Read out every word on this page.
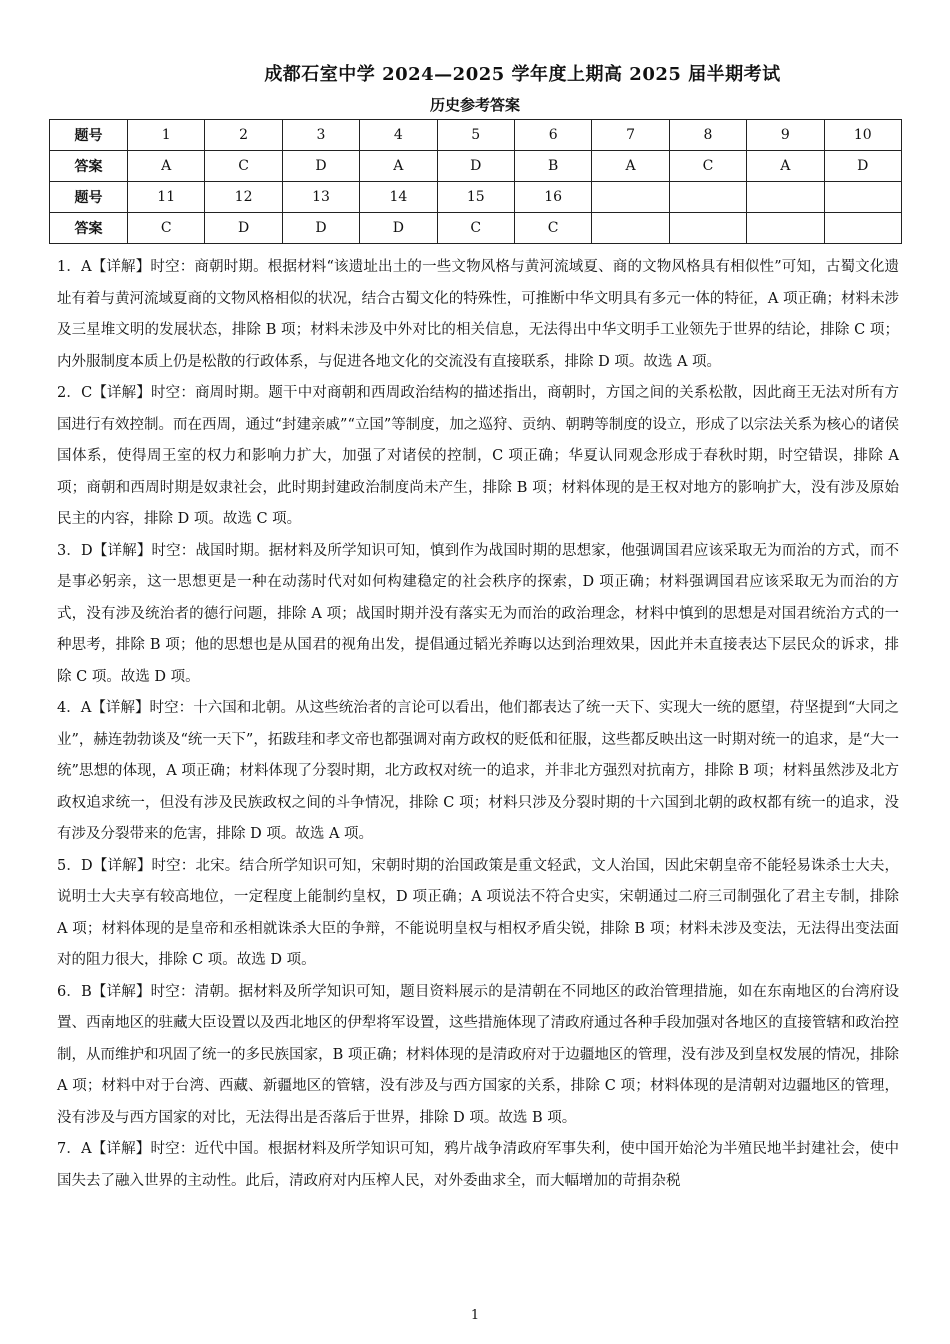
成都石室中学 2024—2025 学年度上期高 2025 届半期考试
历史参考答案
题号	1	2	3	4	5	6	7	8	9	10
答案	A	C	D	A	D	B	A	C	A	D
题号	11	12	13	14	15	16				
答案	C	D	D	D	C	C				

1．A【详解】时空：商朝时期。根据材料“该遗址出土的一些文物风格与黄河流域夏、商的文物风格具有相似性”可知，古蜀文化遗址有着与黄河流域夏商的文物风格相似的状况，结合古蜀文化的特殊性，可推断中华文明具有多元一体的特征，A 项正确；材料未涉及三星堆文明的发展状态，排除 B 项；材料未涉及中外对比的相关信息，无法得出中华文明手工业领先于世界的结论，排除 C 项；内外服制度本质上仍是松散的行政体系，与促进各地文化的交流没有直接联系，排除 D 项。故选 A 项。

2．C【详解】时空：商周时期。题干中对商朝和西周政治结构的描述指出，商朝时，方国之间的关系松散，因此商王无法对所有方国进行有效控制。而在西周，通过“封建亲戚”“立国”等制度，加之巡狩、贡纳、朝聘等制度的设立，形成了以宗法关系为核心的诸侯国体系，使得周王室的权力和影响力扩大，加强了对诸侯的控制，C 项正确；华夏认同观念形成于春秋时期，时空错误，排除 A 项；商朝和西周时期是奴隶社会，此时期封建政治制度尚未产生，排除 B 项；材料体现的是王权对地方的影响扩大，没有涉及原始民主的内容，排除 D 项。故选 C 项。

3．D【详解】时空：战国时期。据材料及所学知识可知，慎到作为战国时期的思想家，他强调国君应该采取无为而治的方式，而不是事必躬亲，这一思想更是一种在动荡时代对如何构建稳定的社会秩序的探索，D 项正确；材料强调国君应该采取无为而治的方式，没有涉及统治者的德行问题，排除 A 项；战国时期并没有落实无为而治的政治理念，材料中慎到的思想是对国君统治方式的一种思考，排除 B 项；他的思想也是从国君的视角出发，提倡通过韬光养晦以达到治理效果，因此并未直接表达下层民众的诉求，排除 C 项。故选 D 项。

4．A【详解】时空：十六国和北朝。从这些统治者的言论可以看出，他们都表达了统一天下、实现大一统的愿望，苻坚提到“大同之业”，赫连勃勃谈及“统一天下”，拓跋珪和孝文帝也都强调对南方政权的贬低和征服，这些都反映出这一时期对统一的追求，是“大一统”思想的体现，A 项正确；材料体现了分裂时期，北方政权对统一的追求，并非北方强烈对抗南方，排除 B 项；材料虽然涉及北方政权追求统一，但没有涉及民族政权之间的斗争情况，排除 C 项；材料只涉及分裂时期的十六国到北朝的政权都有统一的追求，没有涉及分裂带来的危害，排除 D 项。故选 A 项。

5．D【详解】时空：北宋。结合所学知识可知，宋朝时期的治国政策是重文轻武，文人治国，因此宋朝皇帝不能轻易诛杀士大夫，说明士大夫享有较高地位，一定程度上能制约皇权，D 项正确；A 项说法不符合史实，宋朝通过二府三司制强化了君主专制，排除 A 项；材料体现的是皇帝和丞相就诛杀大臣的争辩，不能说明皇权与相权矛盾尖锐，排除 B 项；材料未涉及变法，无法得出变法面对的阻力很大，排除 C 项。故选 D 项。

6．B【详解】时空：清朝。据材料及所学知识可知，题目资料展示的是清朝在不同地区的政治管理措施，如在东南地区的台湾府设置、西南地区的驻藏大臣设置以及西北地区的伊犁将军设置，这些措施体现了清政府通过各种手段加强对各地区的直接管辖和政治控制，从而维护和巩固了统一的多民族国家，B 项正确；材料体现的是清政府对于边疆地区的管理，没有涉及到皇权发展的情况，排除 A 项；材料中对于台湾、西藏、新疆地区的管辖，没有涉及与西方国家的关系，排除 C 项；材料体现的是清朝对边疆地区的管理，没有涉及与西方国家的对比，无法得出是否落后于世界，排除 D 项。故选 B 项。

7．A【详解】时空：近代中国。根据材料及所学知识可知，鸦片战争清政府军事失利，使中国开始沦为半殖民地半封建社会，使中国失去了融入世界的主动性。此后，清政府对内压榨人民，对外委曲求全，而大幅增加的苛捐杂税

1
